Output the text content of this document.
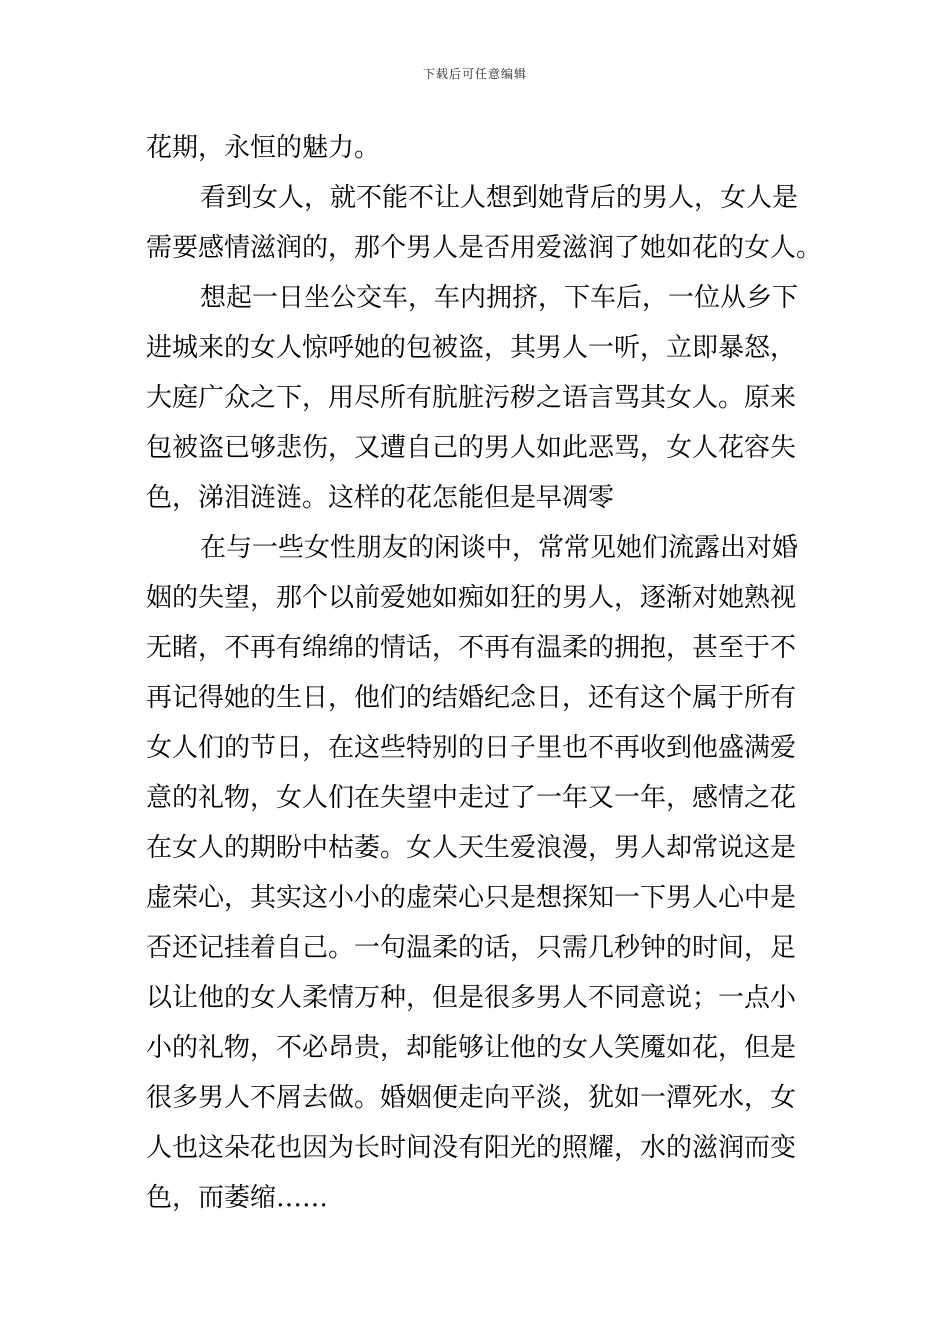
下载后可任意编辑
花期，永恒的魅力。
看到女人，就不能不让人想到她背后的男人，女人是
需要感情滋润的，那个男人是否用爱滋润了她如花的女人。
想起一日坐公交车，车内拥挤，下车后，一位从乡下
进城来的女人惊呼她的包被盗，其男人一听，立即暴怒，
大庭广众之下，用尽所有肮脏污秽之语言骂其女人。原来
包被盗已够悲伤，又遭自己的男人如此恶骂，女人花容失
色，涕泪涟涟。这样的花怎能但是早凋零
在与一些女性朋友的闲谈中，常常见她们流露出对婚
姻的失望，那个以前爱她如痴如狂的男人，逐渐对她熟视
无睹，不再有绵绵的情话，不再有温柔的拥抱，甚至于不
再记得她的生日，他们的结婚纪念日，还有这个属于所有
女人们的节日，在这些特别的日子里也不再收到他盛满爱
意的礼物，女人们在失望中走过了一年又一年，感情之花
在女人的期盼中枯萎。女人天生爱浪漫，男人却常说这是
虚荣心，其实这小小的虚荣心只是想探知一下男人心中是
否还记挂着自己。一句温柔的话，只需几秒钟的时间，足
以让他的女人柔情万种，但是很多男人不同意说；一点小
小的礼物，不必昂贵，却能够让他的女人笑魇如花，但是
很多男人不屑去做。婚姻便走向平淡，犹如一潭死水，女
人也这朵花也因为长时间没有阳光的照耀，水的滋润而变
色，而萎缩……
